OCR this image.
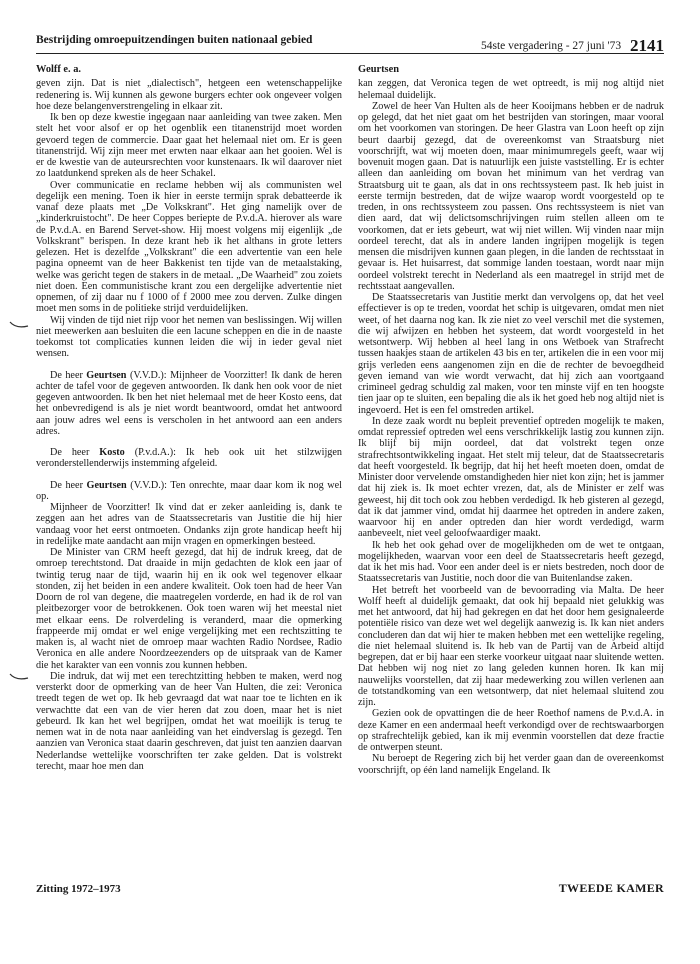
Bestrijding omroepuitzendingen buiten nationaal gebied	54ste vergadering - 27 juni '73 2141
Wolff e. a.

geven zijn. Dat is niet „dialectisch", hetgeen een wetenschappelijke redenering is. Wij kunnen als gewone burgers echter ook ongeveer volgen hoe deze belangenverstrengeling in elkaar zit.

Ik ben op deze kwestie ingegaan naar aanleiding van twee zaken. Men stelt het voor alsof er op het ogenblik een titanenstrijd moet worden gevoerd tegen de commercie. Daar gaat het helemaal niet om. Er is geen titanenstrijd. Wij zijn meer met erwten naar elkaar aan het gooien. Wel is er de kwestie van de auteursrechten voor kunstenaars. Ik wil daarover niet zo laatdunkend spreken als de heer Schakel.

Over communicatie en reclame hebben wij als communisten wel degelijk een mening. Toen ik hier in eerste termijn sprak debatteerde ik vanaf deze plaats met „De Volkskrant". Het ging namelijk over de „kinderkruistocht". De heer Coppes beriepte de P.v.d.A. hierover als ware de P.v.d.A. en Barend Servet-show. Hij moest volgens mij eigenlijk „de Volkskrant" berispen. In deze krant heb ik het althans in grote letters gelezen. Het is dezelfde „Volkskrant" die een advertentie van een hele pagina opneemt van de heer Bakkenist ten tijde van de metaalstaking, welke was gericht tegen de stakers in de metaal. „De Waarheid" zou zoiets niet doen. Een communistische krant zou een dergelijke advertentie niet opnemen, of zij daar nu f 1000 of f 2000 mee zou derven. Zulke dingen moet men soms in de politieke strijd verduidelijken.

Wij vinden de tijd niet rijp voor het nemen van beslissingen. Wij willen niet meewerken aan besluiten die een lacune scheppen en die in de naaste toekomst tot complicaties kunnen leiden die wij in ieder geval niet wensen.

De heer Geurtsen (V.V.D.): Mijnheer de Voorzitter! Ik dank de heren achter de tafel voor de gegeven antwoorden. Ik dank hen ook voor de niet gegeven antwoorden. Ik ben het niet helemaal met de heer Kosto eens, dat het onbevredigend is als je niet wordt beantwoord, omdat het antwoord aan jouw adres wel eens is verscholen in het antwoord aan een anders adres.

De heer Kosto (P.v.d.A.): Ik heb ook uit het stilzwijgen veronderstellenderwijs instemming afgeleid.

De heer Geurtsen (V.V.D.): Ten onrechte, maar daar kom ik nog wel op.

Mijnheer de Voorzitter! Ik vind dat er zeker aanleiding is, dank te zeggen aan het adres van de Staatssecretaris van Justitie die hij hier vandaag voor het eerst ontmoeten. Ondanks zijn grote handicap heeft hij in redelijke mate aandacht aan mijn vragen en opmerkingen besteed.

De Minister van CRM heeft gezegd, dat hij de indruk kreeg, dat de omroep terechtstond. Dat draaide in mijn gedachten de klok een jaar of twintig terug naar de tijd, waarin hij en ik ook wel tegenover elkaar stonden, zij het beiden in een andere kwaliteit. Ook toen had de heer Van Doorn de rol van degene, die maatregelen vorderde, en had ik de rol van pleitbezorger voor de betrokkenen. Ook toen waren wij het meestal niet met elkaar eens. De rolverdeling is veranderd, maar die opmerking frappeerde mij omdat er wel enige vergelijking met een rechtszitting te maken is, al wacht niet de omroep maar wachten Radio Nordsee, Radio Veronica en alle andere Noordzeezenders op de uitspraak van de Kamer die het karakter van een vonnis zou kunnen hebben.

Die indruk, dat wij met een terechtzitting hebben te maken, werd nog versterkt door de opmerking van de heer Van Hulten, die zei: Veronica treedt tegen de wet op. Ik heb gevraagd dat wat naar toe te lichten en ik verwachtte dat een van de vier heren dat zou doen, maar het is niet gebeurd. Ik kan het wel begrijpen, omdat het wat moeilijk is terug te nemen wat in de nota naar aanleiding van het eindverslag is gezegd. Ten aanzien van Veronica staat daarin geschreven, dat juist ten aanzien daarvan Nederlandse wettelijke voorschriften ter zake gelden. Dat is volstrekt terecht, maar hoe men dan

Geurtsen

kan zeggen, dat Veronica tegen de wet optreedt, is mij nog altijd niet helemaal duidelijk.

Zowel de heer Van Hulten als de heer Kooijmans hebben er de nadruk op gelegd, dat het niet gaat om het bestrijden van storingen, maar vooral om het voorkomen van storingen. De heer Glastra van Loon heeft op zijn beurt daarbij gezegd, dat de overeenkomst van Straatsburg niet voorschrijft, wat wij moeten doen, maar minimumregels geeft, waar wij bovenuit mogen gaan. Dat is natuurlijk een juiste vaststelling. Er is echter alleen dan aanleiding om bovan het minimum van het verdrag van Straatsburg uit te gaan, als dat in ons rechtssysteem past. Ik heb juist in eerste termijn bestreden, dat de wijze waarop wordt voorgesteld op te treden, in ons rechtssysteem zou passen. Ons rechtssysteem is niet van dien aard, dat wij delictsomschrijvingen ruim stellen alleen om te voorkomen, dat er iets gebeurt, wat wij niet willen. Wij vinden naar mijn oordeel terecht, dat als in andere landen ingrijpen mogelijk is tegen mensen die misdrijven kunnen gaan plegen, in die landen de rechtsstaat in gevaar is. Het huisarrest, dat sommige landen toestaan, wordt naar mijn oordeel volstrekt terecht in Nederland als een maatregel in strijd met de rechtsstaat aangevallen.

De Staatssecretaris van Justitie merkt dan vervolgens op, dat het veel effectiever is op te treden, voordat het schip is uitgevaren, omdat men niet weet, of het daarna nog kan. Ik zie niet zo veel verschil met die systemen, die wij afwijzen en hebben het systeem, dat wordt voorgesteld in het wetsontwerp. Wij hebben al heel lang in ons Wetboek van Strafrecht tussen haakjes staan de artikelen 43 bis en ter, artikelen die in een voor mij grijs verleden eens aangenomen zijn en die de rechter de bevoegdheid geven iemand van wie wordt verwacht, dat hij zich aan voortgaand crimineel gedrag schuldig zal maken, voor ten minste vijf en ten hoogste tien jaar op te sluiten, een bepaling die als ik het goed heb nog altijd niet is ingevoerd. Het is een fel omstreden artikel.

In deze zaak wordt nu bepleit preventief optreden mogelijk te maken, omdat repressief optreden wel eens verschrikkelijk lastig zou kunnen zijn. Ik blijf bij mijn oordeel, dat dat volstrekt tegen onze strafrechtsontwikkeling ingaat. Het stelt mij teleur, dat de Staatssecretaris dat heeft voorgesteld. Ik begrijp, dat hij het heeft moeten doen, omdat de Minister door vervelende omstandigheden hier niet kon zijn; het is jammer dat hij ziek is. Ik moet echter vrezen, dat, als de Minister er zelf was geweest, hij dit toch ook zou hebben verdedigd. Ik heb gisteren al gezegd, dat ik dat jammer vind, omdat hij daarmee het optreden in andere zaken, waarvoor hij en ander optreden dan hier wordt verdedigd, warm aanbeveelt, niet veel geloofwaardiger maakt.

Ik heb het ook gehad over de mogelijkheden om de wet te ontgaan, mogelijkheden, waarvan voor een deel de Staatssecretaris heeft gezegd, dat ik het mis had. Voor een ander deel is er niets bestreden, noch door de Staatssecretaris van Justitie, noch door die van Buitenlandse zaken.

Het betreft het voorbeeld van de bevoorrading via Malta. De heer Wolff heeft al duidelijk gemaakt, dat ook hij bepaald niet gelukkig was met het antwoord, dat hij had gekregen en dat het door hem gesignaleerde potentiële risico van deze wet wel degelijk aanwezig is. Ik kan niet anders concluderen dan dat wij hier te maken hebben met een wettelijke regeling, die niet helemaal sluitend is. Ik heb van de Partij van de Arbeid altijd begrepen, dat er bij haar een sterke voorkeur uitgaat naar sluitende wetten. Dat hebben wij nog niet zo lang geleden kunnen horen. Ik kan mij nauwelijks voorstellen, dat zij haar medewerking zou willen verlenen aan de totstandkoming van een wetsontwerp, dat niet helemaal sluitend zou zijn.

Gezien ook de opvattingen die de heer Roethof namens de P.v.d.A. in deze Kamer en een andermaal heeft verkondigd over de rechtswaarborgen op strafrechtelijk gebied, kan ik mij evenmin voorstellen dat deze fractie de ontwerpen steunt.

Nu beroept de Regering zich bij het verder gaan dan de overeenkomst voorschrijft, op één land namelijk Engeland. Ik

Zitting 1972–1973	TWEEDE KAMER
